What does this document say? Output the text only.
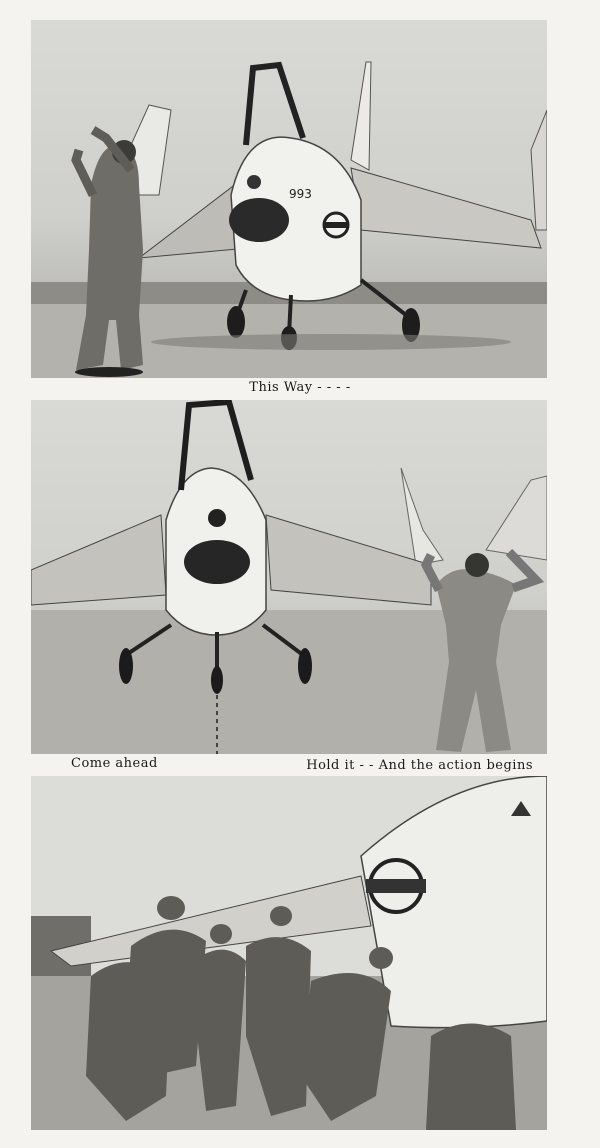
993
This Way - - - -
Come ahead	Hold it - - And the action begins
